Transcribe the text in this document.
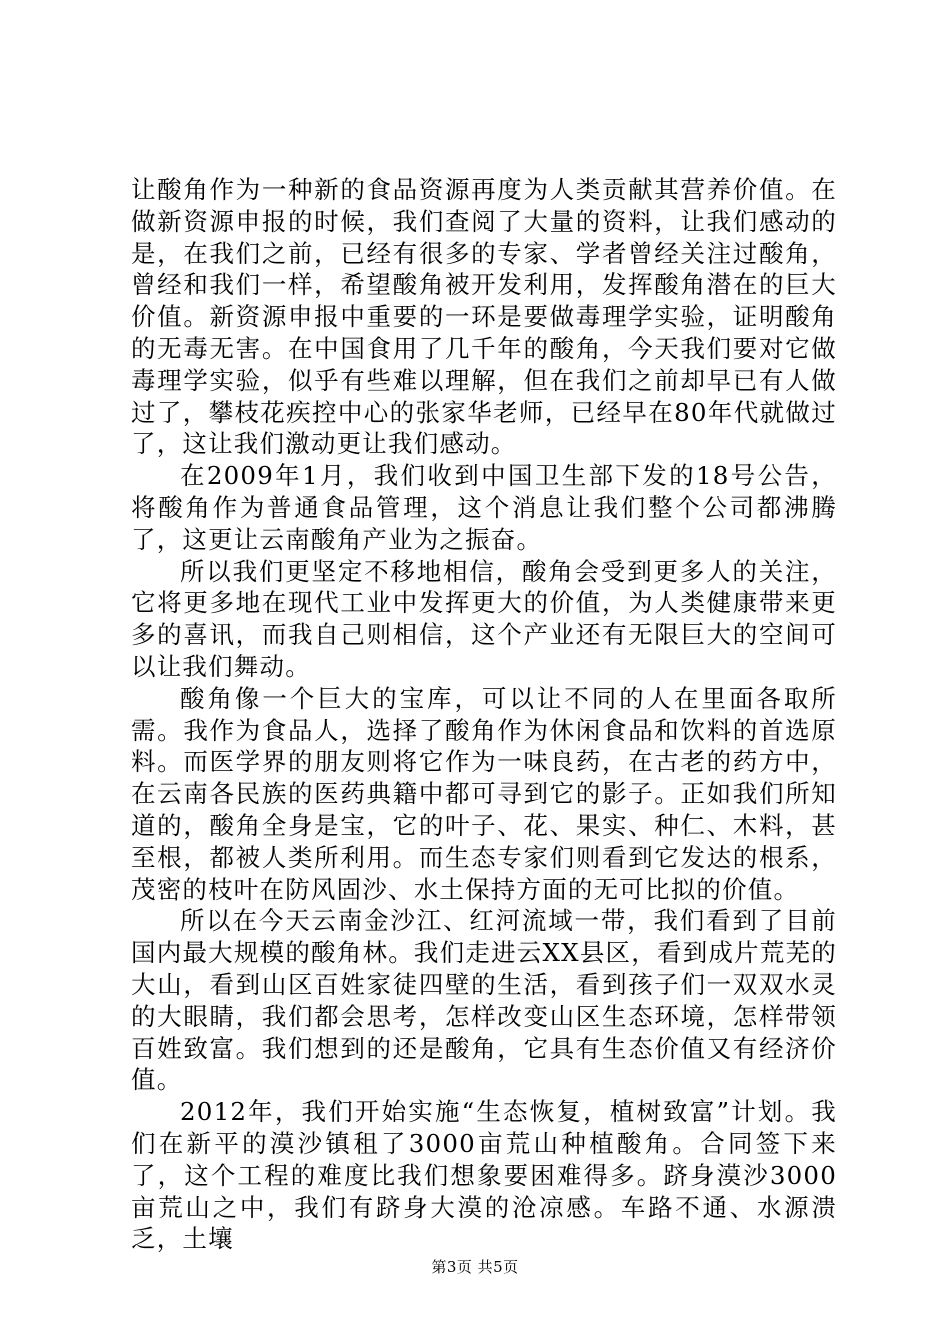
让酸角作为一种新的食品资源再度为人类贡献其营养价值。在做新资源申报的时候，我们查阅了大量的资料，让我们感动的是，在我们之前，已经有很多的专家、学者曾经关注过酸角，曾经和我们一样，希望酸角被开发利用，发挥酸角潜在的巨大价值。新资源申报中重要的一环是要做毒理学实验，证明酸角的无毒无害。在中国食用了几千年的酸角，今天我们要对它做毒理学实验，似乎有些难以理解，但在我们之前却早已有人做过了，攀枝花疾控中心的张家华老师，已经早在80年代就做过了，这让我们激动更让我们感动。

在2009年1月，我们收到中国卫生部下发的18号公告，将酸角作为普通食品管理，这个消息让我们整个公司都沸腾了，这更让云南酸角产业为之振奋。

所以我们更坚定不移地相信，酸角会受到更多人的关注，它将更多地在现代工业中发挥更大的价值，为人类健康带来更多的喜讯，而我自己则相信，这个产业还有无限巨大的空间可以让我们舞动。

酸角像一个巨大的宝库，可以让不同的人在里面各取所需。我作为食品人，选择了酸角作为休闲食品和饮料的首选原料。而医学界的朋友则将它作为一味良药，在古老的药方中，在云南各民族的医药典籍中都可寻到它的影子。正如我们所知道的，酸角全身是宝，它的叶子、花、果实、种仁、木料，甚至根，都被人类所利用。而生态专家们则看到它发达的根系，茂密的枝叶在防风固沙、水土保持方面的无可比拟的价值。

所以在今天云南金沙江、红河流域一带，我们看到了目前国内最大规模的酸角林。我们走进云XX县区，看到成片荒芜的大山，看到山区百姓家徒四壁的生活，看到孩子们一双双水灵的大眼睛，我们都会思考，怎样改变山区生态环境，怎样带领百姓致富。我们想到的还是酸角，它具有生态价值又有经济价值。

2012年，我们开始实施“生态恢复，植树致富”计划。我们在新平的漠沙镇租了3000亩荒山种植酸角。合同签下来了，这个工程的难度比我们想象要困难得多。跻身漠沙3000亩荒山之中，我们有跻身大漠的沧凉感。车路不通、水源溃乏，土壤

第3页 共5页
